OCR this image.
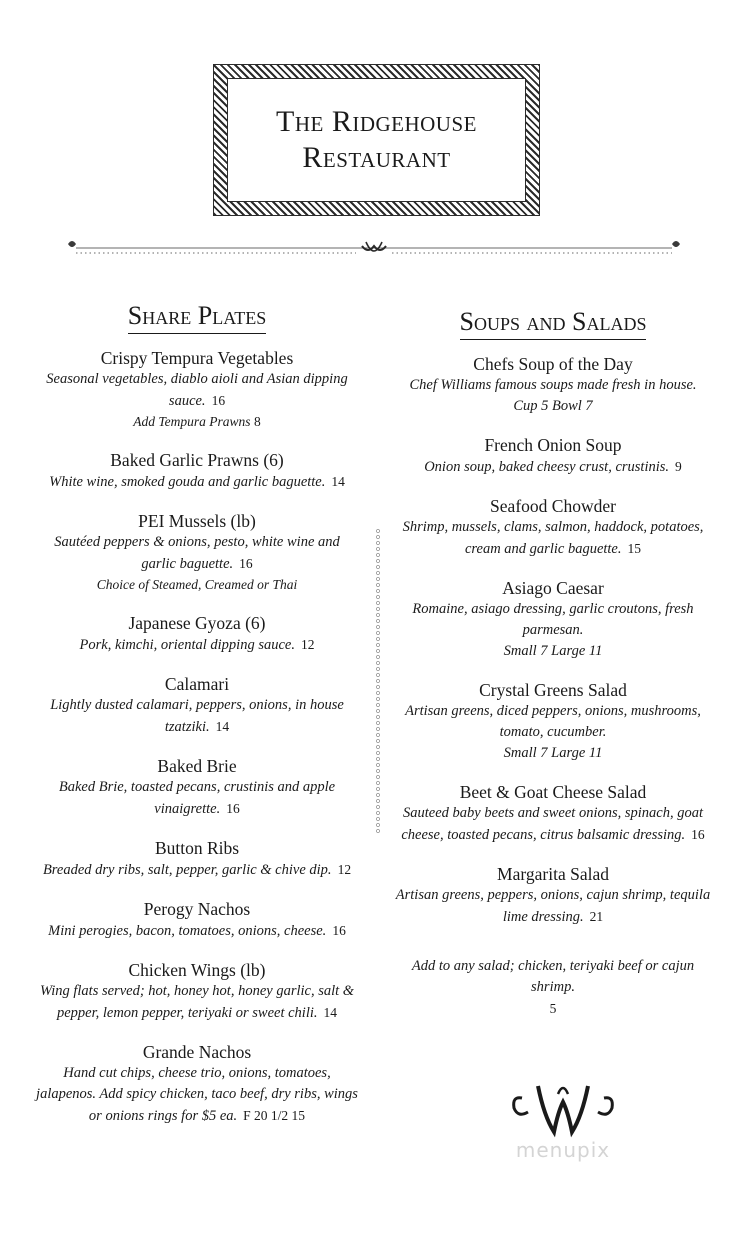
The Ridgehouse
Restaurant
Share Plates
Crispy Tempura Vegetables
Seasonal vegetables, diablo aioli and Asian dipping sauce. 16
Add Tempura Prawns 8
Baked Garlic Prawns (6)
White wine, smoked gouda and garlic baguette. 14
PEI Mussels (lb)
Sautéed peppers & onions, pesto, white wine and garlic baguette. 16
Choice of Steamed, Creamed or Thai
Japanese Gyoza (6)
Pork, kimchi, oriental dipping sauce. 12
Calamari
Lightly dusted calamari, peppers, onions, in house tzatziki. 14
Baked Brie
Baked Brie, toasted pecans, crustinis and apple vinaigrette. 16
Button Ribs
Breaded dry ribs, salt, pepper, garlic & chive dip. 12
Perogy Nachos
Mini perogies, bacon, tomatoes, onions, cheese. 16
Chicken Wings (lb)
Wing flats served; hot, honey hot, honey garlic, salt & pepper, lemon pepper, teriyaki or sweet chili. 14
Grande Nachos
Hand cut chips, cheese trio, onions, tomatoes, jalapenos. Add spicy chicken, taco beef, dry ribs, wings or onions rings for $5 ea. F 20 1/2 15
Soups and Salads
Chefs Soup of the Day
Chef Williams famous soups made fresh in house.
Cup 5 Bowl 7
French Onion Soup
Onion soup, baked cheesy crust, crustinis. 9
Seafood Chowder
Shrimp, mussels, clams, salmon, haddock, potatoes, cream and garlic baguette. 15
Asiago Caesar
Romaine, asiago dressing, garlic croutons, fresh parmesan.
Small 7 Large 11
Crystal Greens Salad
Artisan greens, diced peppers, onions, mushrooms, tomato, cucumber.
Small 7 Large 11
Beet & Goat Cheese Salad
Sauteed baby beets and sweet onions, spinach, goat cheese, toasted pecans, citrus balsamic dressing. 16
Margarita Salad
Artisan greens, peppers, onions, cajun shrimp, tequila lime dressing. 21
Add to any salad; chicken, teriyaki beef or cajun shrimp.
5
menupix
